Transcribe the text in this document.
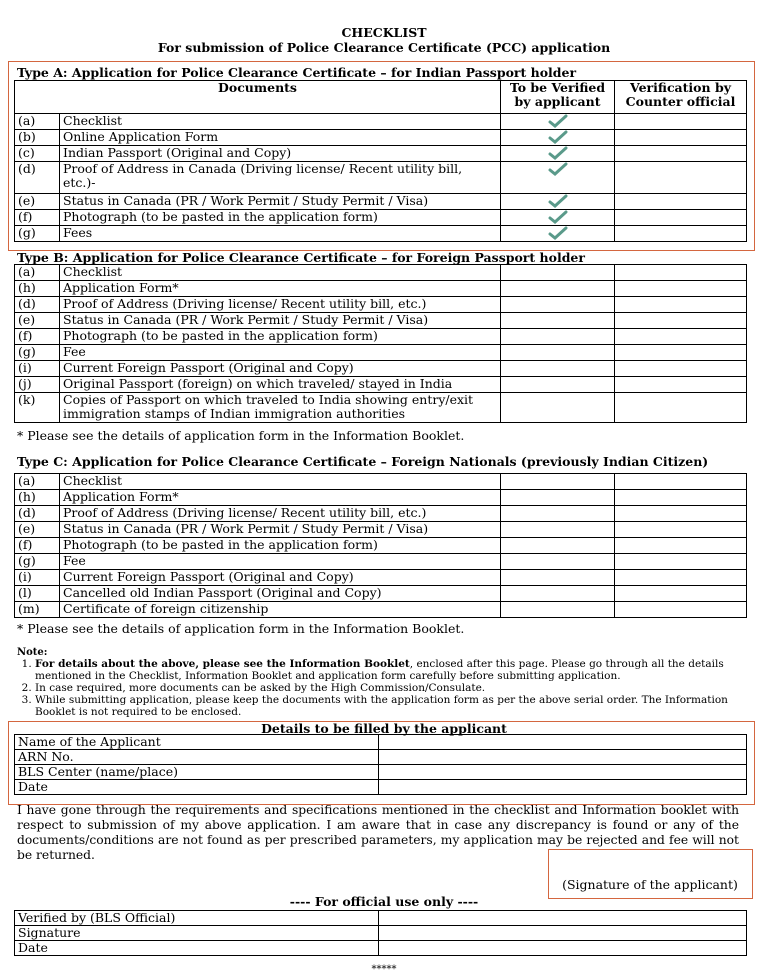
CHECKLIST
For submission of Police Clearance Certificate (PCC) application
Type A: Application for Police Clearance Certificate – for Indian Passport holder
Documents		To be Verified by applicant	Verification by Counter official
(a)	Checklist	

(b)	Online Application Form	

(c)	Indian Passport (Original and Copy)	

(d)	Proof of Address in Canada (Driving license/ Recent utility bill, etc.)-	

(e)	Status in Canada (PR / Work Permit / Study Permit / Visa)	

(f)	Photograph (to be pasted in the application form)	

(g)	Fees	

Type B: Application for Police Clearance Certificate – for Foreign Passport holder
(a)	Checklist		
(h)	Application Form*		
(d)	Proof of Address (Driving license/ Recent utility bill, etc.)		
(e)	Status in Canada (PR / Work Permit / Study Permit / Visa)		
(f)	Photograph (to be pasted in the application form)		
(g)	Fee		
(i)	Current Foreign Passport (Original and Copy)		
(j)	Original Passport (foreign) on which traveled/ stayed in India		
(k)	Copies of Passport on which traveled to India showing entry/exit immigration stamps of Indian immigration authorities		
* Please see the details of application form in the Information Booklet.
Type C: Application for Police Clearance Certificate – Foreign Nationals (previously Indian Citizen)
(a)	Checklist		
(h)	Application Form*		
(d)	Proof of Address (Driving license/ Recent utility bill, etc.)		
(e)	Status in Canada (PR / Work Permit / Study Permit / Visa)		
(f)	Photograph (to be pasted in the application form)		
(g)	Fee		
(i)	Current Foreign Passport (Original and Copy)		
(l)	Cancelled old Indian Passport (Original and Copy)		
(m)	Certificate of foreign citizenship		
* Please see the details of application form in the Information Booklet.
Note:
1. For details about the above, please see the Information Booklet, enclosed after this page. Please go through all the details mentioned in the Checklist, Information Booklet and application form carefully before submitting application.
2. In case required, more documents can be asked by the High Commission/Consulate.
3. While submitting application, please keep the documents with the application form as per the above serial order. The Information Booklet is not required to be enclosed.
Details to be filled by the applicant
Name of the Applicant	
ARN No.	
BLS Center (name/place)	
Date	
I have gone through the requirements and specifications mentioned in the checklist and Information booklet with respect to submission of my above application. I am aware that in case any discrepancy is found or any of the documents/conditions are not found as per prescribed parameters, my application may be rejected and fee will not be returned.
(Signature of the applicant)
---- For official use only ----
Verified by (BLS Official)	
Signature	
Date	
*****
